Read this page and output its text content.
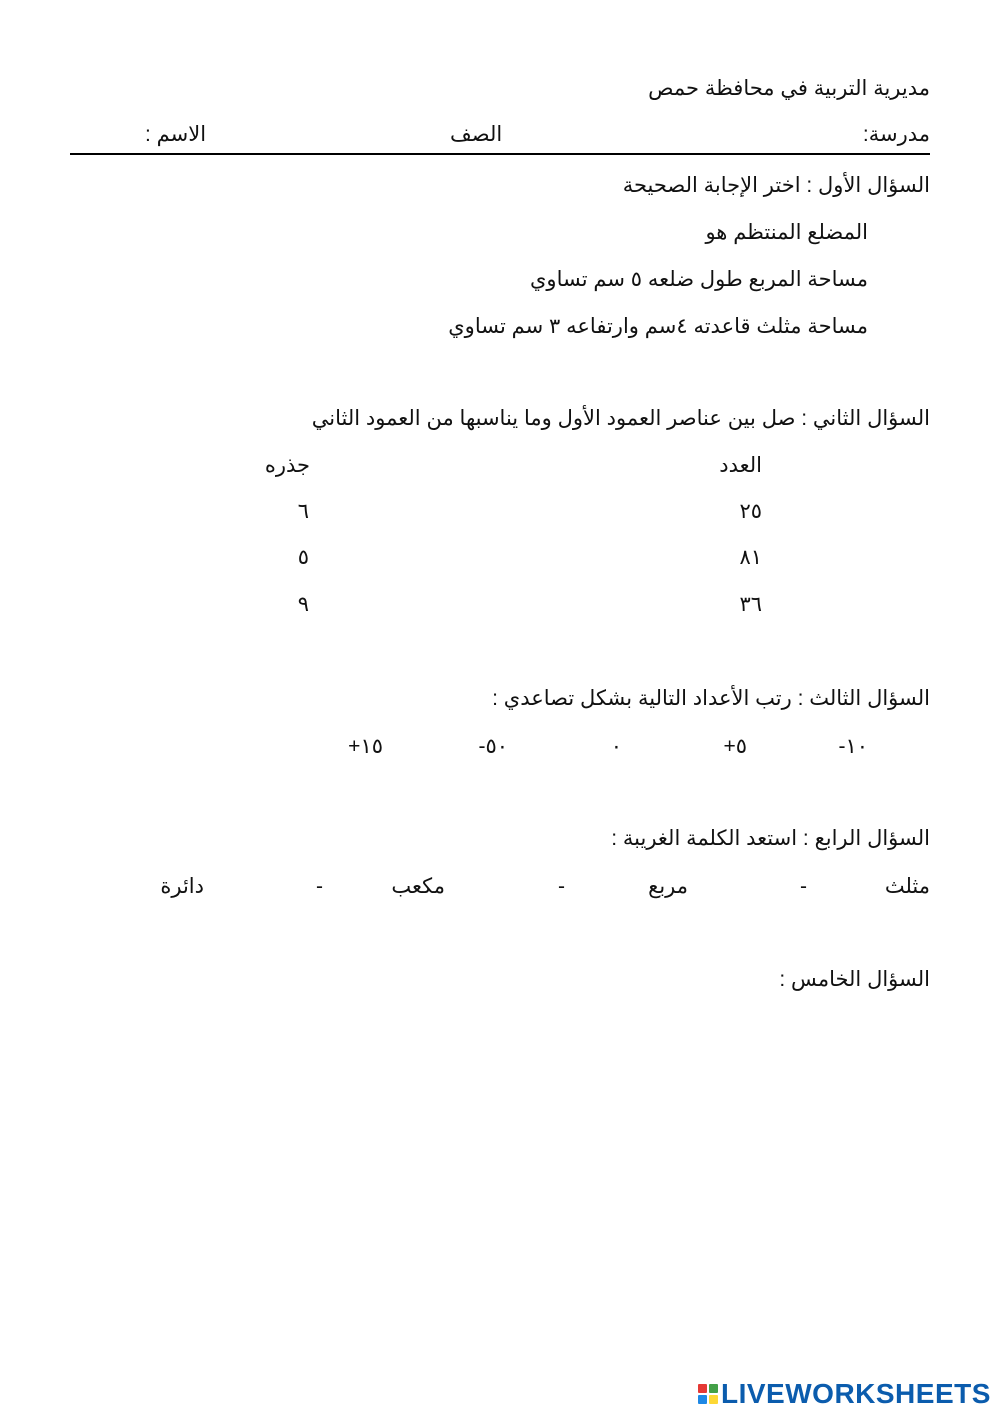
مديرية التربية في محافظة حمص
مدرسة:
الصف
الاسم :
السؤال الأول : اختر الإجابة الصحيحة
المضلع المنتظم هو
مساحة المربع طول ضلعه ٥ سم تساوي
مساحة مثلث قاعدته ٤سم وارتفاعه ٣ سم تساوي
السؤال الثاني : صل بين عناصر العمود الأول وما يناسبها من العمود الثاني
العدد
جذره
٢٥
٨١
٣٦
٦
٥
٩
السؤال الثالث : رتب الأعداد التالية بشكل تصاعدي :
١٠-
٥+
٠
٥٠-
١٥+
السؤال الرابع : استعد الكلمة الغريبة :
مثلث
-
مربع
-
مكعب
-
دائرة
السؤال الخامس :
LIVEWORKSHEETS
